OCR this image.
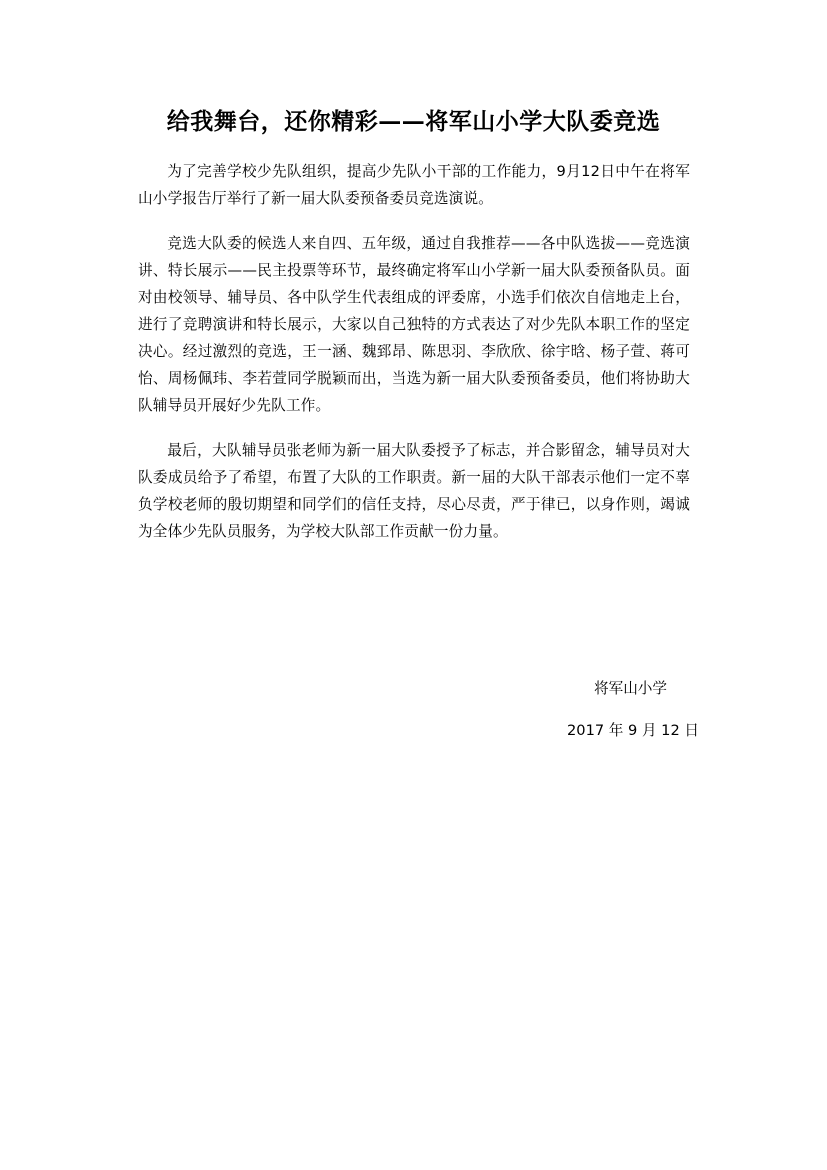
给我舞台，还你精彩——将军山小学大队委竞选

为了完善学校少先队组织，提高少先队小干部的工作能力，9月12日中午在将军山小学报告厅举行了新一届大队委预备委员竞选演说。

竞选大队委的候选人来自四、五年级，通过自我推荐——各中队选拔——竞选演讲、特长展示——民主投票等环节，最终确定将军山小学新一届大队委预备队员。面对由校领导、辅导员、各中队学生代表组成的评委席，小选手们依次自信地走上台，进行了竞聘演讲和特长展示，大家以自己独特的方式表达了对少先队本职工作的坚定决心。经过激烈的竞选，王一涵、魏郅昂、陈思羽、李欣欣、徐宇晗、杨子萱、蒋可怡、周杨佩玮、李若萱同学脱颖而出，当选为新一届大队委预备委员，他们将协助大队辅导员开展好少先队工作。

最后，大队辅导员张老师为新一届大队委授予了标志，并合影留念，辅导员对大队委成员给予了希望，布置了大队的工作职责。新一届的大队干部表示他们一定不辜负学校老师的殷切期望和同学们的信任支持，尽心尽责，严于律已，以身作则，竭诚为全体少先队员服务，为学校大队部工作贡献一份力量。

将军山小学
2017 年 9 月 12 日
